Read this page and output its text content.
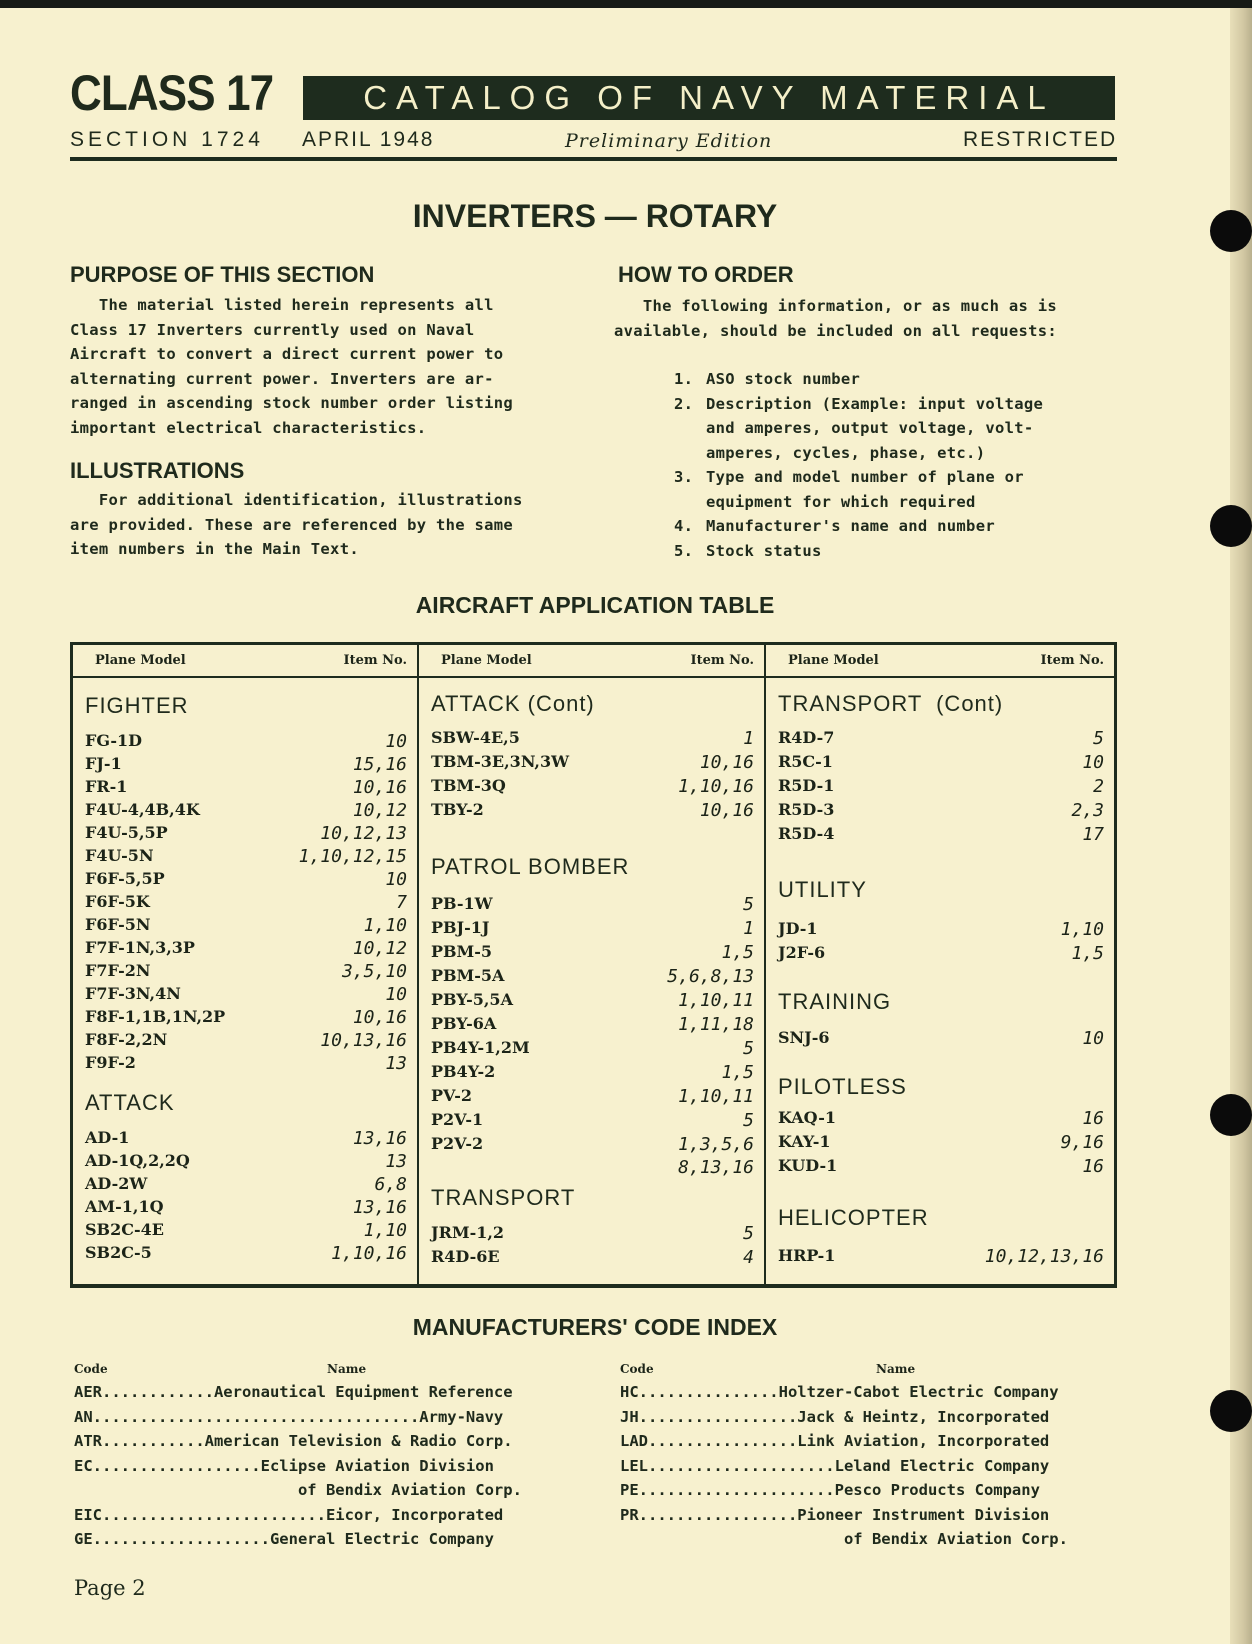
CLASS 17	CATALOG OF NAVY MATERIAL
SECTION 1724 APRIL 1948	Preliminary Edition	RESTRICTED
INVERTERS — ROTARY
PURPOSE OF THIS SECTION
The material listed herein represents all
Class 17 Inverters currently used on Naval
Aircraft to convert a direct current power to
alternating current power. Inverters are ar-
ranged in ascending stock number order listing
important electrical characteristics.
ILLUSTRATIONS
For additional identification, illustrations
are provided. These are referenced by the same
item numbers in the Main Text.
HOW TO ORDER
The following information, or as much as is
available, should be included on all requests:
1. ASO stock number
2. Description (Example: input voltage
and amperes, output voltage, volt-
amperes, cycles, phase, etc.)
3. Type and model number of plane or
equipment for which required
4. Manufacturer's name and number
5. Stock status
AIRCRAFT APPLICATION TABLE
Plane Model	Item No.
FIGHTER
FG-1D	10
FJ-1	15,16
FR-1	10,16
F4U-4,4B,4K	10,12
F4U-5,5P	10,12,13
F4U-5N	1,10,12,15
F6F-5,5P	10
F6F-5K	7
F6F-5N	1,10
F7F-1N,3,3P	10,12
F7F-2N	3,5,10
F7F-3N,4N	10
F8F-1,1B,1N,2P	10,16
F8F-2,2N	10,13,16
F9F-2	13
ATTACK
AD-1	13,16
AD-1Q,2,2Q	13
AD-2W	6,8
AM-1,1Q	13,16
SB2C-4E	1,10
SB2C-5	1,10,16
Plane Model	Item No.
ATTACK (Cont)
SBW-4E,5	1
TBM-3E,3N,3W	10,16
TBM-3Q	1,10,16
TBY-2	10,16
PATROL BOMBER
PB-1W	5
PBJ-1J	1
PBM-5	1,5
PBM-5A	5,6,8,13
PBY-5,5A	1,10,11
PBY-6A	1,11,18
PB4Y-1,2M	5
PB4Y-2	1,5
PV-2	1,10,11
P2V-1	5
P2V-2	1,3,5,6
8,13,16
TRANSPORT
JRM-1,2	5
R4D-6E	4
Plane Model	Item No.
TRANSPORT  (Cont)
R4D-7	5
R5C-1	10
R5D-1	2
R5D-3	2,3
R5D-4	17
UTILITY
JD-1	1,10
J2F-6	1,5
TRAINING
SNJ-6	10
PILOTLESS
KAQ-1	16
KAY-1	9,16
KUD-1	16
HELICOPTER
HRP-1	10,12,13,16
MANUFACTURERS' CODE INDEX
Code	Name
AER............Aeronautical Equipment Reference
AN...................................Army-Navy
ATR...........American Television & Radio Corp.
EC..................Eclipse Aviation Division
of Bendix Aviation Corp.
EIC........................Eicor, Incorporated
GE...................General Electric Company
Code	Name
HC...............Holtzer-Cabot Electric Company
JH.................Jack & Heintz, Incorporated
LAD................Link Aviation, Incorporated
LEL....................Leland Electric Company
PE.....................Pesco Products Company
PR.................Pioneer Instrument Division
of Bendix Aviation Corp.
Page 2
